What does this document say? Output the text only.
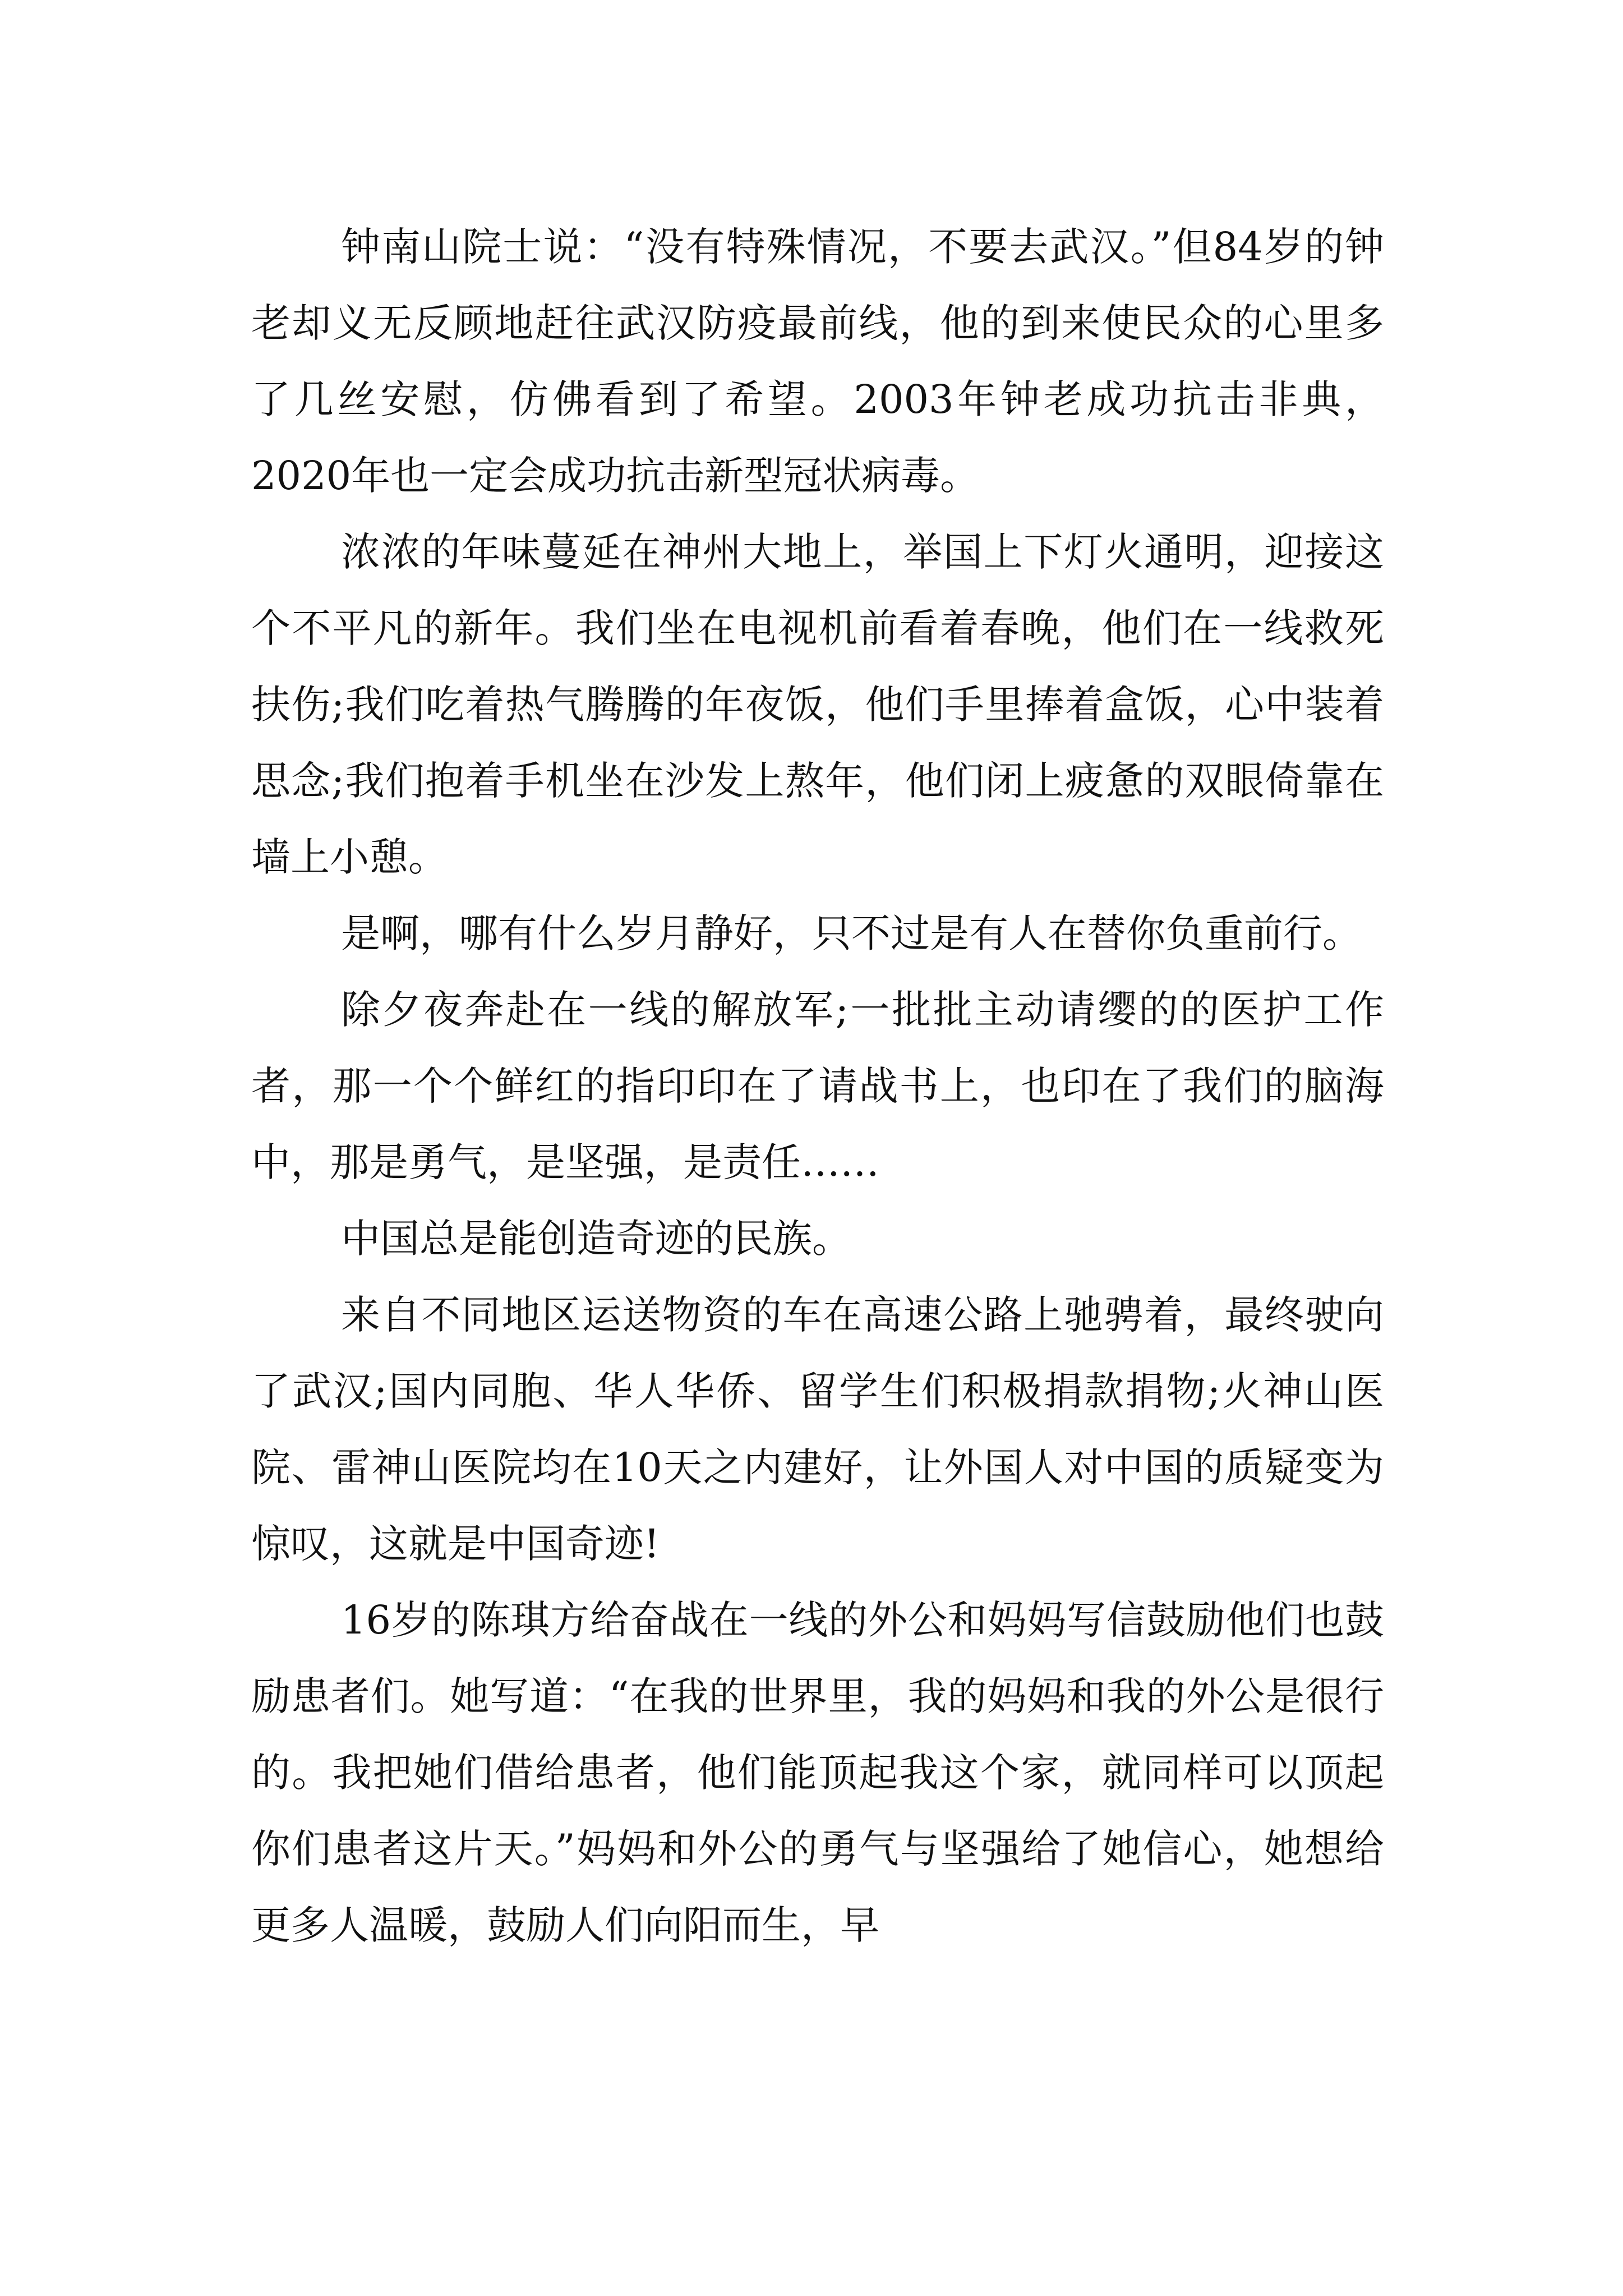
钟南山院士说：“没有特殊情况，不要去武汉。”但84岁的钟老却义无反顾地赶往武汉防疫最前线，他的到来使民众的心里多了几丝安慰，仿佛看到了希望。2003年钟老成功抗击非典，2020年也一定会成功抗击新型冠状病毒。

浓浓的年味蔓延在神州大地上，举国上下灯火通明，迎接这个不平凡的新年。我们坐在电视机前看着春晚，他们在一线救死扶伤;我们吃着热气腾腾的年夜饭，他们手里捧着盒饭，心中装着思念;我们抱着手机坐在沙发上熬年，他们闭上疲惫的双眼倚靠在墙上小憩。

是啊，哪有什么岁月静好，只不过是有人在替你负重前行。

除夕夜奔赴在一线的解放军;一批批主动请缨的的医护工作者，那一个个鲜红的指印印在了请战书上，也印在了我们的脑海中，那是勇气，是坚强，是责任……

中国总是能创造奇迹的民族。

来自不同地区运送物资的车在高速公路上驰骋着，最终驶向了武汉;国内同胞、华人华侨、留学生们积极捐款捐物;火神山医院、雷神山医院均在10天之内建好，让外国人对中国的质疑变为惊叹，这就是中国奇迹!

16岁的陈琪方给奋战在一线的外公和妈妈写信鼓励他们也鼓励患者们。她写道：“在我的世界里，我的妈妈和我的外公是很行的。我把她们借给患者，他们能顶起我这个家，就同样可以顶起你们患者这片天。”妈妈和外公的勇气与坚强给了她信心，她想给更多人温暖，鼓励人们向阳而生，早
